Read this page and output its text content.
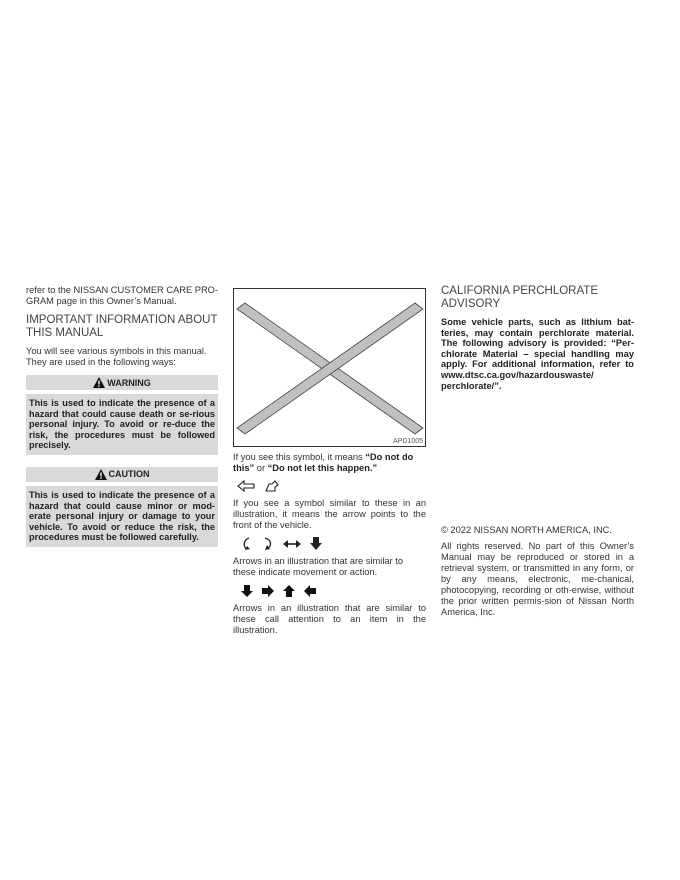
refer to the NISSAN CUSTOMER CARE PRO-GRAM page in this Owner’s Manual.

IMPORTANT INFORMATION ABOUT THIS MANUAL

You will see various symbols in this manual. They are used in the following ways:

WARNING
This is used to indicate the presence of a hazard that could cause death or se-rious personal injury. To avoid or re-duce the risk, the procedures must be followed precisely.
CAUTION
This is used to indicate the presence of a hazard that could cause minor or mod-erate personal injury or damage to your vehicle. To avoid or reduce the risk, the procedures must be followed carefully.
APD1005

If you see this symbol, it means “Do not do this” or “Do not let this happen.”

If you see a symbol similar to these in an illustration, it means the arrow points to the front of the vehicle.

Arrows in an illustration that are similar to these indicate movement or action.

Arrows in an illustration that are similar to these call attention to an item in the illustration.

CALIFORNIA PERCHLORATE ADVISORY

Some vehicle parts, such as lithium bat-teries, may contain perchlorate material. The following advisory is provided: “Per-chlorate Material – special handling may apply. For additional information, refer to www.dtsc.ca.gov/hazardouswaste/ perchlorate/”.

© 2022 NISSAN NORTH AMERICA, INC.

All rights reserved. No part of this Owner’s Manual may be reproduced or stored in a retrieval system, or transmitted in any form, or by any means, electronic, me-chanical, photocopying, recording or oth-erwise, without the prior written permis-sion of Nissan North America, Inc.
